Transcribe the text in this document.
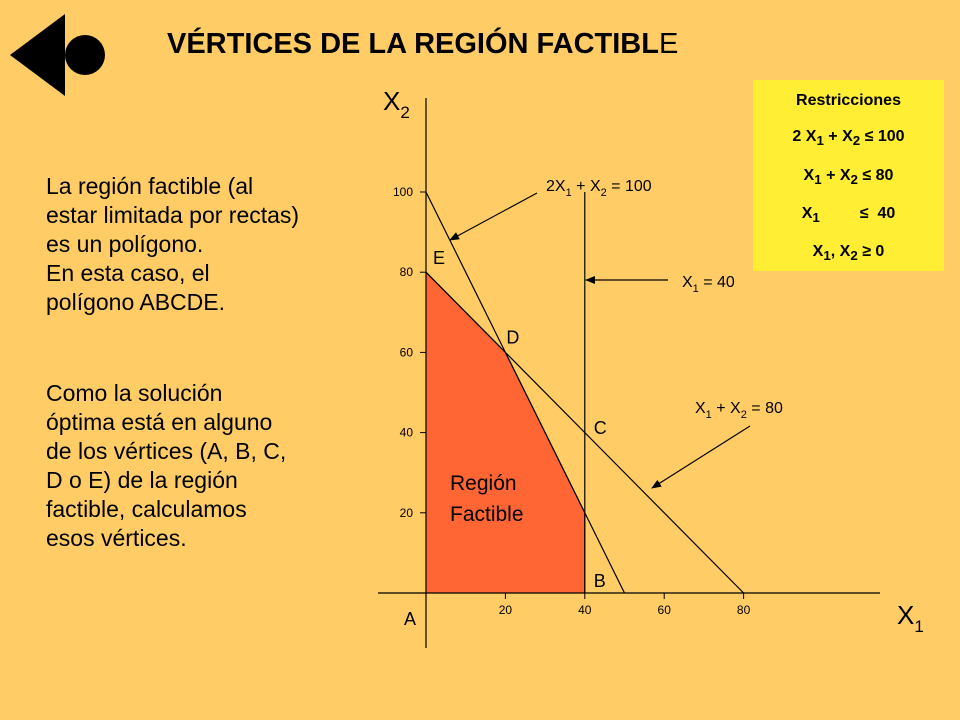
VÉRTICES DE LA REGIÓN FACTIBLE

La región factible (al
estar limitada por rectas)
es un polígono.
En esta caso, el
polígono ABCDE.

Como la solución
óptima está en alguno
de los vértices (A, B, C,
D o E) de la región
factible, calculamos
esos vértices.

Restricciones
2 $X_1 + X_2 \le 100$
$X_1 + X_2 \le 80$
$X_1$         ≤  40
$X_1$, $X_2 \ge 0$
20
40
60
80
100
20	40	60	80
Región
Factible
$X_2$
$X_1$
A
B
C
D
E
$2X_1 + X_2 = 100$
$X_1 + X_2 = 80$
$X_1 = 40$
